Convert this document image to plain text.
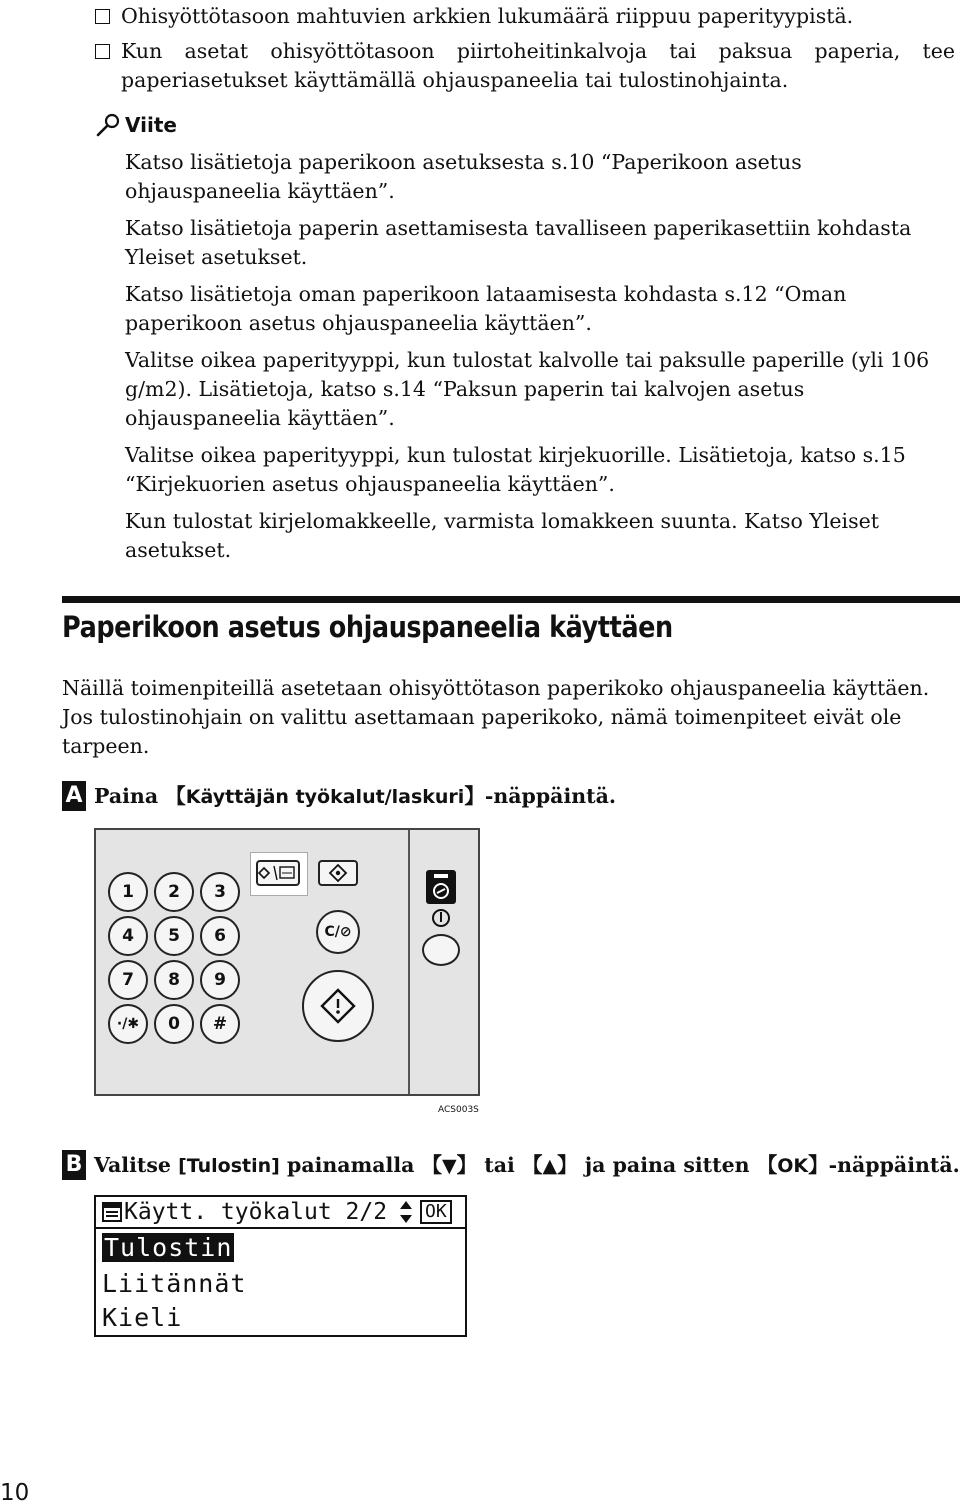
Ohisyöttötasoon mahtuvien arkkien lukumäärä riippuu paperityypistä.
Kun asetat ohisyöttötasoon piirtoheitinkalvoja tai paksua paperia, tee paperiasetukset käyttämällä ohjauspaneelia tai tulostinohjainta.
Viite

Katso lisätietoja paperikoon asetuksesta s.10 “Paperikoon asetus ohjauspaneelia käyttäen”.

Katso lisätietoja paperin asettamisesta tavalliseen paperikasettiin kohdasta Yleiset asetukset.

Katso lisätietoja oman paperikoon lataamisesta kohdasta s.12 “Oman paperikoon asetus ohjauspaneelia käyttäen”.

Valitse oikea paperityyppi, kun tulostat kalvolle tai paksulle paperille (yli 106 g/m2). Lisätietoja, katso s.14 “Paksun paperin tai kalvojen asetus ohjauspaneelia käyttäen”.

Valitse oikea paperityyppi, kun tulostat kirjekuorille. Lisätietoja, katso s.15 “Kirjekuorien asetus ohjauspaneelia käyttäen”.

Kun tulostat kirjelomakkeelle, varmista lomakkeen suunta. Katso Yleiset asetukset.

Paperikoon asetus ohjauspaneelia käyttäen
Näillä toimenpiteillä asetetaan ohisyöttötason paperikoko ohjauspaneelia käyttäen. Jos tulostinohjain on valittu asettamaan paperikoko, nämä toimenpiteet eivät ole tarpeen.
A Paina 【Käyttäjän työkalut/laskuri】-näppäintä.
1	2	3
4	5	6
7	8	9
·/✱	0	#
C/⊘
ACS003S
B Valitse [Tulostin] painamalla 【▼】 tai 【▲】 ja paina sitten 【OK】-näppäintä.
Käytt. työkalut 2/2 OK
Tulostin
Liitännät
Kieli
10
